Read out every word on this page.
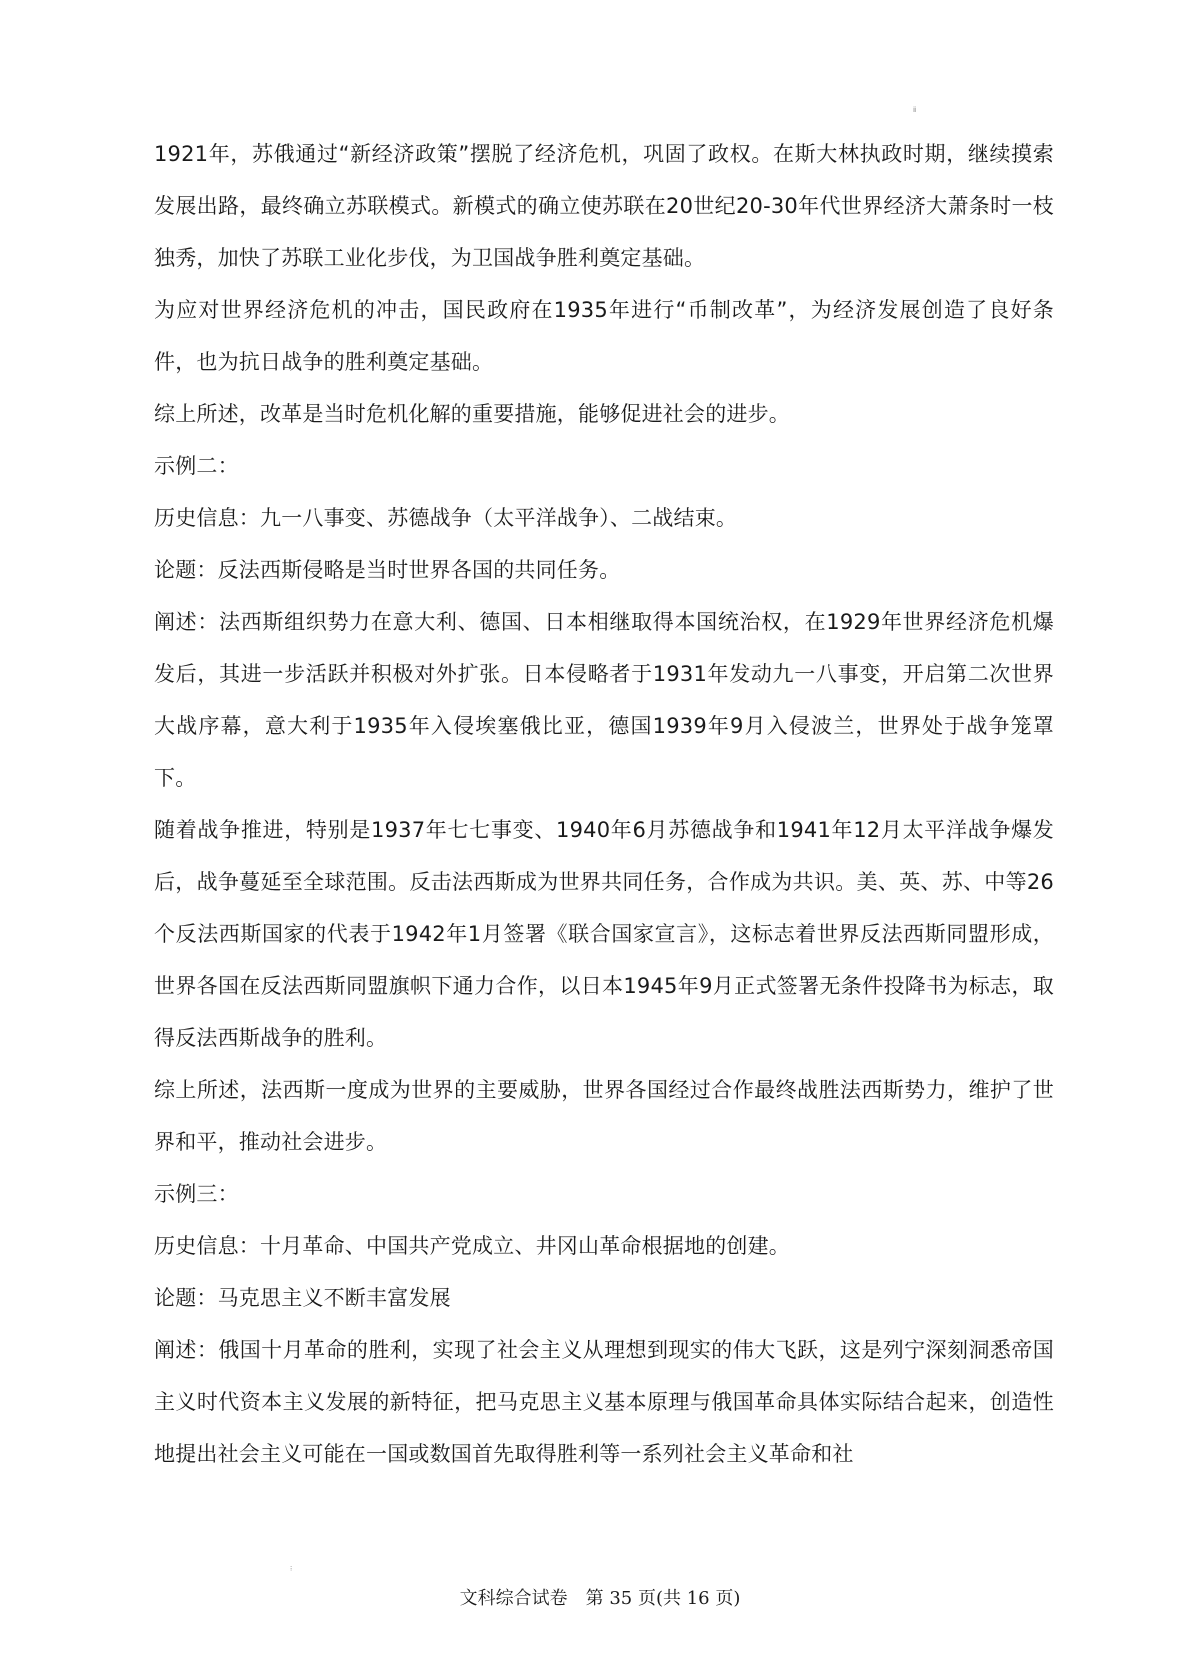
ⅱ

1921年，苏俄通过“新经济政策”摆脱了经济危机，巩固了政权。在斯大林执政时期，继续摸索发展出路，最终确立苏联模式。新模式的确立使苏联在20世纪20-30年代世界经济大萧条时一枝独秀，加快了苏联工业化步伐，为卫国战争胜利奠定基础。

为应对世界经济危机的冲击，国民政府在1935年进行“币制改革”，为经济发展创造了良好条件，也为抗日战争的胜利奠定基础。

综上所述，改革是当时危机化解的重要措施，能够促进社会的进步。

示例二：

历史信息：九一八事变、苏德战争（太平洋战争）、二战结束。

论题：反法西斯侵略是当时世界各国的共同任务。

阐述：法西斯组织势力在意大利、德国、日本相继取得本国统治权，在1929年世界经济危机爆发后，其进一步活跃并积极对外扩张。日本侵略者于1931年发动九一八事变，开启第二次世界大战序幕，意大利于1935年入侵埃塞俄比亚，德国1939年9月入侵波兰，世界处于战争笼罩下。

随着战争推进，特别是1937年七七事变、1940年6月苏德战争和1941年12月太平洋战争爆发后，战争蔓延至全球范围。反击法西斯成为世界共同任务，合作成为共识。美、英、苏、中等26个反法西斯国家的代表于1942年1月签署《联合国家宣言》，这标志着世界反法西斯同盟形成，世界各国在反法西斯同盟旗帜下通力合作，以日本1945年9月正式签署无条件投降书为标志，取得反法西斯战争的胜利。

综上所述，法西斯一度成为世界的主要威胁，世界各国经过合作最终战胜法西斯势力，维护了世界和平，推动社会进步。

示例三：

历史信息：十月革命、中国共产党成立、井冈山革命根据地的创建。

论题：马克思主义不断丰富发展

阐述：俄国十月革命的胜利，实现了社会主义从理想到现实的伟大飞跃，这是列宁深刻洞悉帝国主义时代资本主义发展的新特征，把马克思主义基本原理与俄国革命具体实际结合起来，创造性地提出社会主义可能在一国或数国首先取得胜利等一系列社会主义革命和社

⁝
文科综合试卷　第 35 页(共 16 页)
